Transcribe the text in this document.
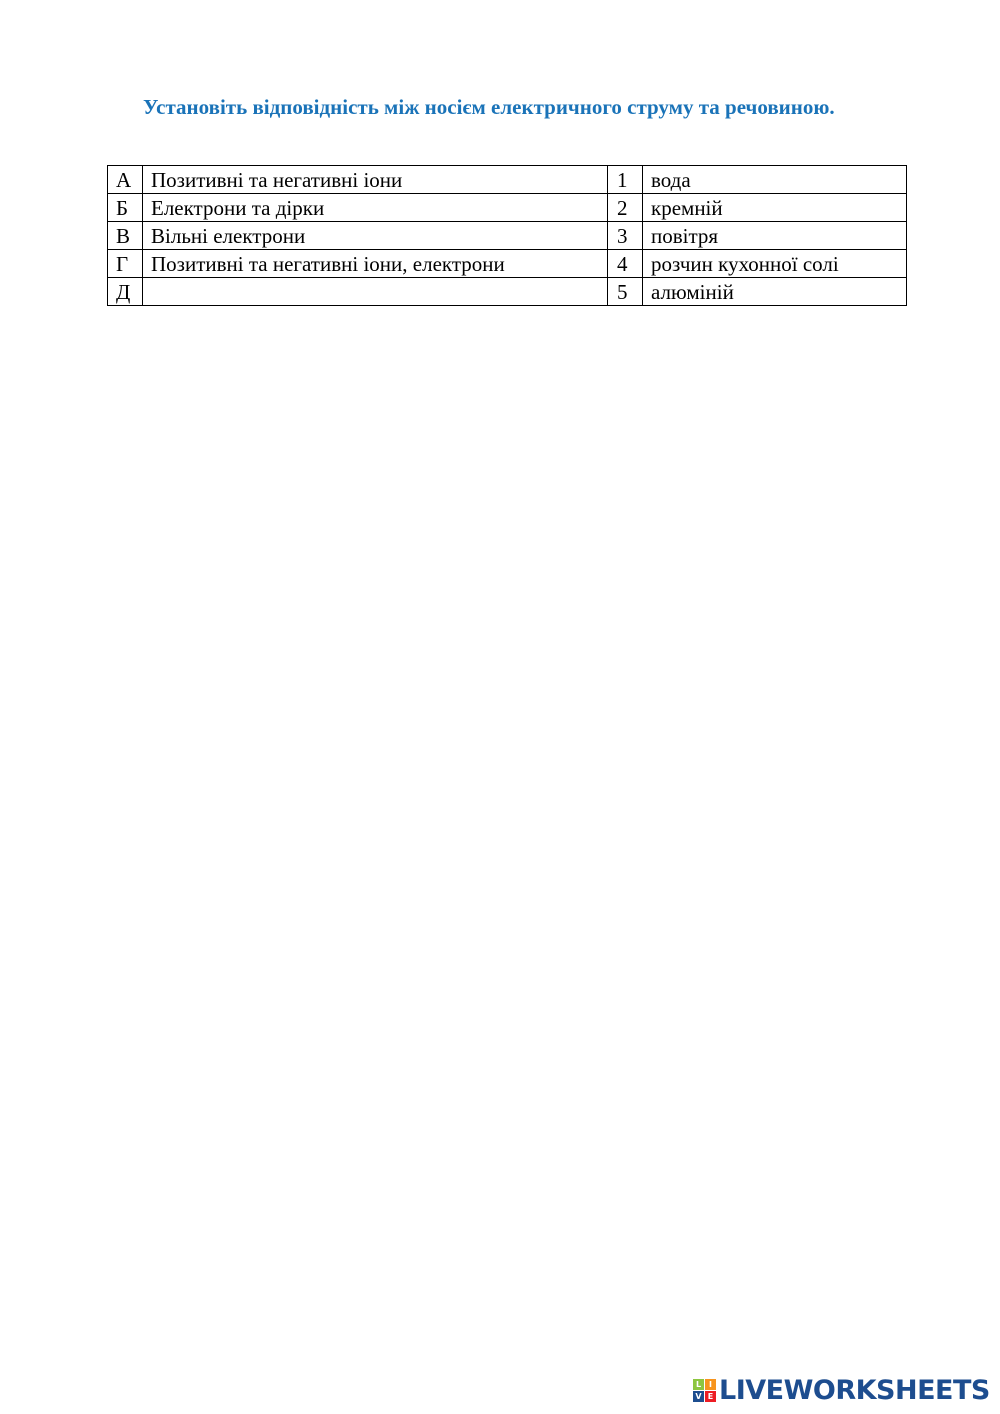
Установіть відповідність між носієм електричного струму та речовиною.
А	Позитивні та негативні іони	1	вода
Б	Електрони та дірки	2	кремній
В	Вільні електрони	3	повітря
Г	Позитивні та негативні іони, електрони	4	розчин кухонної солі
Д		5	алюміній
L I
V E LIVEWORKSHEETS
